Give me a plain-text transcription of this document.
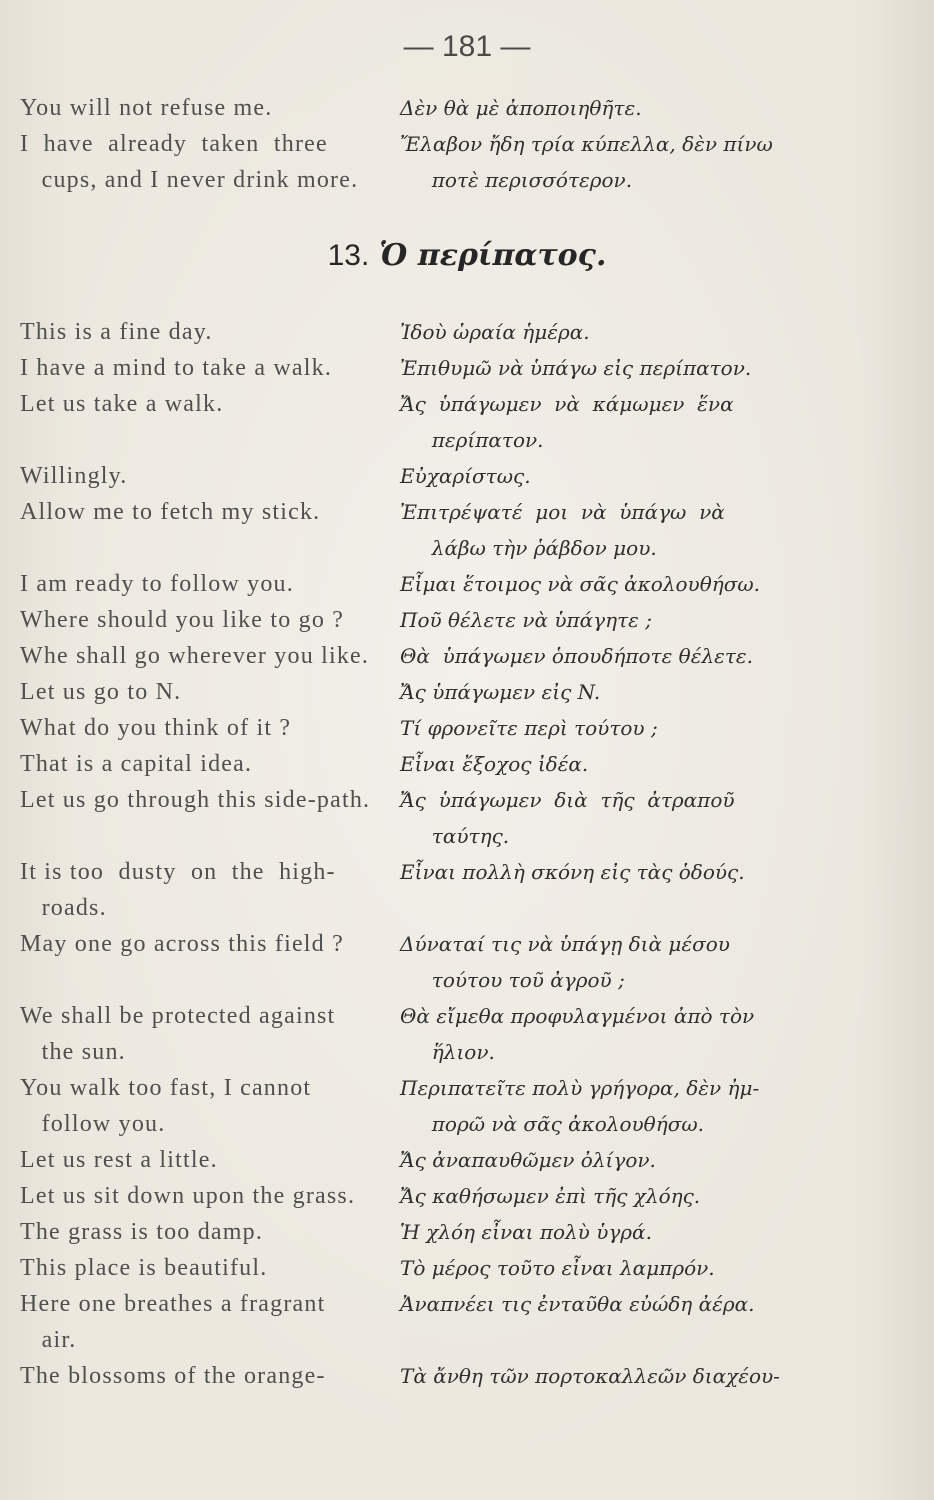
— 181 —
13. Ὁ περίπατος.
You will not refuse me.	Δὲν θὰ μὲ ἀποποιηθῆτε.
I  have  already  taken  three	Ἔλαβον ἤδη τρία κύπελλα, δὲν πίνω
cups, and I never drink more.	ποτὲ περισσότερον.
This is a fine day.	Ἰδοὺ ὡραία ἡμέρα.
I have a mind to take a walk.	Ἐπιθυμῶ νὰ ὑπάγω εἰς περίπατον.
Let us take a walk.	Ἄς  ὑπάγωμεν  νὰ  κάμωμεν  ἕνα
περίπατον.
Willingly.	Εὐχαρίστως.
Allow me to fetch my stick.	Ἐπιτρέψατέ  μοι  νὰ  ὑπάγω  νὰ
λάβω τὴν ῥάβδον μου.
I am ready to follow you.	Εἶμαι ἕτοιμος νὰ σᾶς ἀκολουθήσω.
Where should you like to go ?	Ποῦ θέλετε νὰ ὑπάγητε ;
Whe shall go wherever you like.	Θὰ  ὑπάγωμεν ὁπουδήποτε θέλετε.
Let us go to N.	Ἄς ὑπάγωμεν εἰς N.
What do you think of it ?	Τί φρονεῖτε περὶ τούτου ;
That is a capital idea.	Εἶναι ἔξοχος ἰδέα.
Let us go through this side-path.	Ἄς  ὑπάγωμεν  διὰ  τῆς  ἀτραποῦ
ταύτης.
It is too  dusty  on  the  high-	Εἶναι πολλὴ σκόνη εἰς τὰς ὁδούς.
roads.
May one go across this field ?	Δύναταί τις νὰ ὑπάγῃ διὰ μέσου
τούτου τοῦ ἀγροῦ ;
We shall be protected against	Θὰ εἴμεθα προφυλαγμένοι ἀπὸ τὸν
the sun.	ἥλιον.
You walk too fast, I cannot	Περιπατεῖτε πολὺ γρήγορα, δὲν ἠμ-
follow you.	πορῶ νὰ σᾶς ἀκολουθήσω.
Let us rest a little.	Ἄς ἀναπαυθῶμεν ὀλίγον.
Let us sit down upon the grass.	Ἄς καθήσωμεν ἐπὶ τῆς χλόης.
The grass is too damp.	Ἡ χλόη εἶναι πολὺ ὑγρά.
This place is beautiful.	Τὸ μέρος τοῦτο εἶναι λαμπρόν.
Here one breathes a fragrant	Ἀναπνέει τις ἐνταῦθα εὐώδη ἀέρα.
air.
The blossoms of the orange-	Τὰ ἄνθη τῶν πορτοκαλλεῶν διαχέου-
